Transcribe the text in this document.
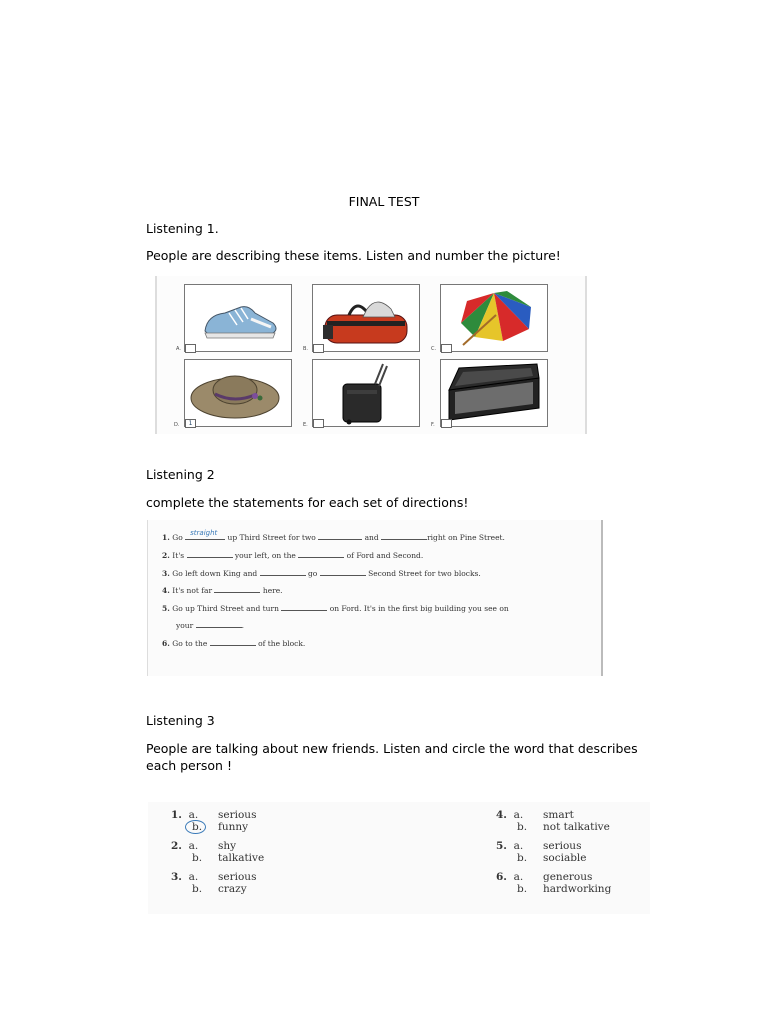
FINAL TEST
Listening 1.
People are describing these items. Listen and number the picture!
A.	B.	C.
D.	1	E.	F.
Listening 2
complete the statements for each set of directions!
1. Go straight up Third Street for two	and	right on Pine Street.
2. It's	your left, on the	of Ford and Second.
3. Go left down King and	go	Second Street for two blocks.
4. It's not far	here.
5. Go up Third Street and turn	on Ford. It's in the first big building you see on
your	.
6. Go to the	of the block.
Listening 3
People are talking about new friends. Listen and circle the word that describes each person !
1. a. serious
b. funny
2. a. shy
b. talkative
3. a. serious
b. crazy
4. a. smart
b. not talkative
5. a. serious
b. sociable
6. a. generous
b. hardworking
